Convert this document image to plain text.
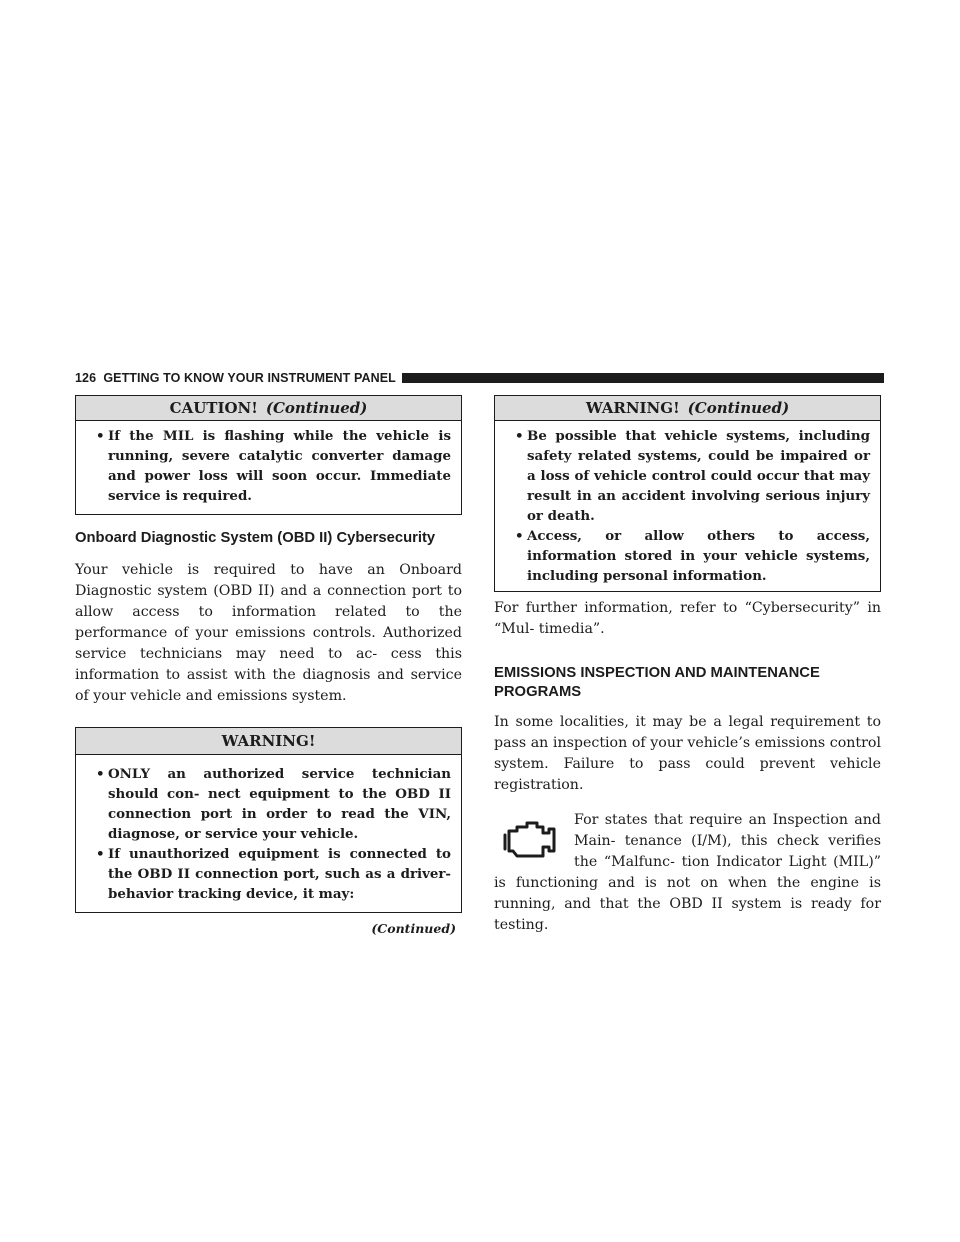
126 GETTING TO KNOW YOUR INSTRUMENT PANEL
CAUTION! (Continued)
• If the MIL is flashing while the vehicle is running, severe catalytic converter damage and power loss will soon occur. Immediate service is required.
Onboard Diagnostic System (OBD II) Cybersecurity

Your vehicle is required to have an Onboard Diagnostic system (OBD II) and a connection port to allow access to information related to the performance of your emissions controls. Authorized service technicians may need to ac- cess this information to assist with the diagnosis and service of your vehicle and emissions system.

WARNING!
• ONLY an authorized service technician should con- nect equipment to the OBD II connection port in order to read the VIN, diagnose, or service your vehicle.
• If unauthorized equipment is connected to the OBD II connection port, such as a driver-behavior tracking device, it may:
(Continued)
WARNING! (Continued)
• Be possible that vehicle systems, including safety related systems, could be impaired or a loss of vehicle control could occur that may result in an accident involving serious injury or death.
• Access, or allow others to access, information stored in your vehicle systems, including personal information.

For further information, refer to “Cybersecurity” in “Mul- timedia”.

EMISSIONS INSPECTION AND MAINTENANCE PROGRAMS

In some localities, it may be a legal requirement to pass an inspection of your vehicle’s emissions control system. Failure to pass could prevent vehicle registration.

For states that require an Inspection and Main- tenance (I/M), this check verifies the “Malfunc- tion Indicator Light (MIL)” is functioning and is not on when the engine is running, and that the OBD II system is ready for testing.
